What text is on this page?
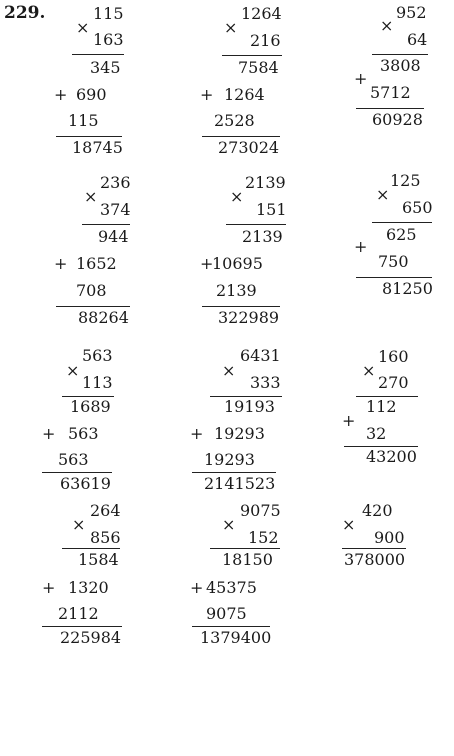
229.
×
115
163
345
+ 690
115
18745
×
1264
216
7584
+ 1264
2528
273024
×
952
64
3808
+
5712
60928
×
236
374
944
+ 1652
708
88264
×
2139
151
2139
+
10695
2139
322989
×
125
650
625
+
750
81250
×
563
113
1689
+ 563
563
63619
×
6431
333
19193
+ 19293
19293
2141523
×
160
270
112
+
32
43200
×
264
856
1584
+ 1320
2112
225984
×
9075
152
18150
+ 45375
9075
1379400
×
420
900
378000
